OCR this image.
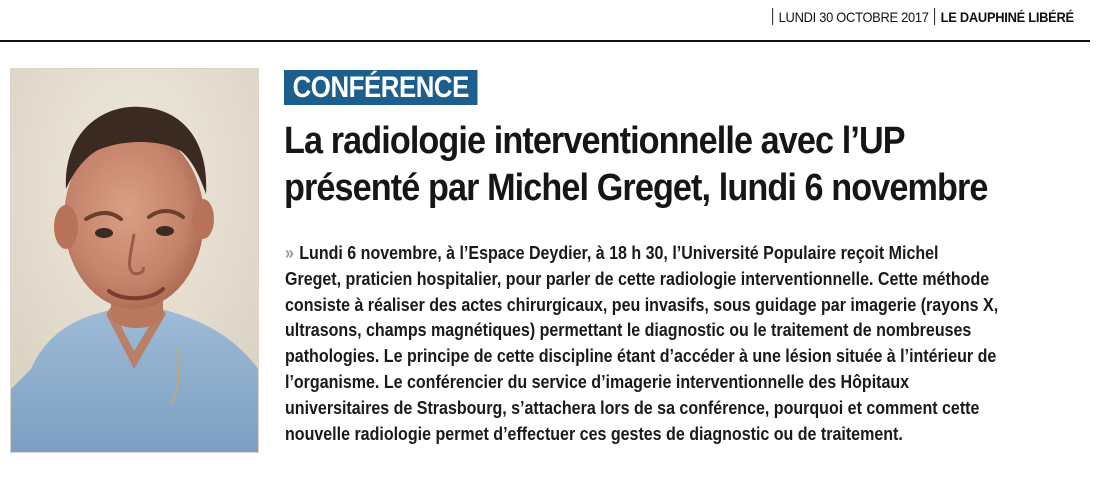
LUNDI 30 OCTOBRE 2017 LE DAUPHINÉ LIBÉRÉ
CONFÉRENCE
La radiologie interventionnelle avec l’UP
présenté par Michel Greget, lundi 6 novembre
» Lundi 6 novembre, à l’Espace Deydier, à 18 h 30, l’Université Populaire reçoit Michel
Greget, praticien hospitalier, pour parler de cette radiologie interventionnelle. Cette méthode
consiste à réaliser des actes chirurgicaux, peu invasifs, sous guidage par imagerie (rayons X,
ultrasons, champs magnétiques) permettant le diagnostic ou le traitement de nombreuses
pathologies. Le principe de cette discipline étant d’accéder à une lésion située à l’intérieur de
l’organisme. Le conférencier du service d’imagerie interventionnelle des Hôpitaux
universitaires de Strasbourg, s’attachera lors de sa conférence, pourquoi et comment cette
nouvelle radiologie permet d’effectuer ces gestes de diagnostic ou de traitement.
